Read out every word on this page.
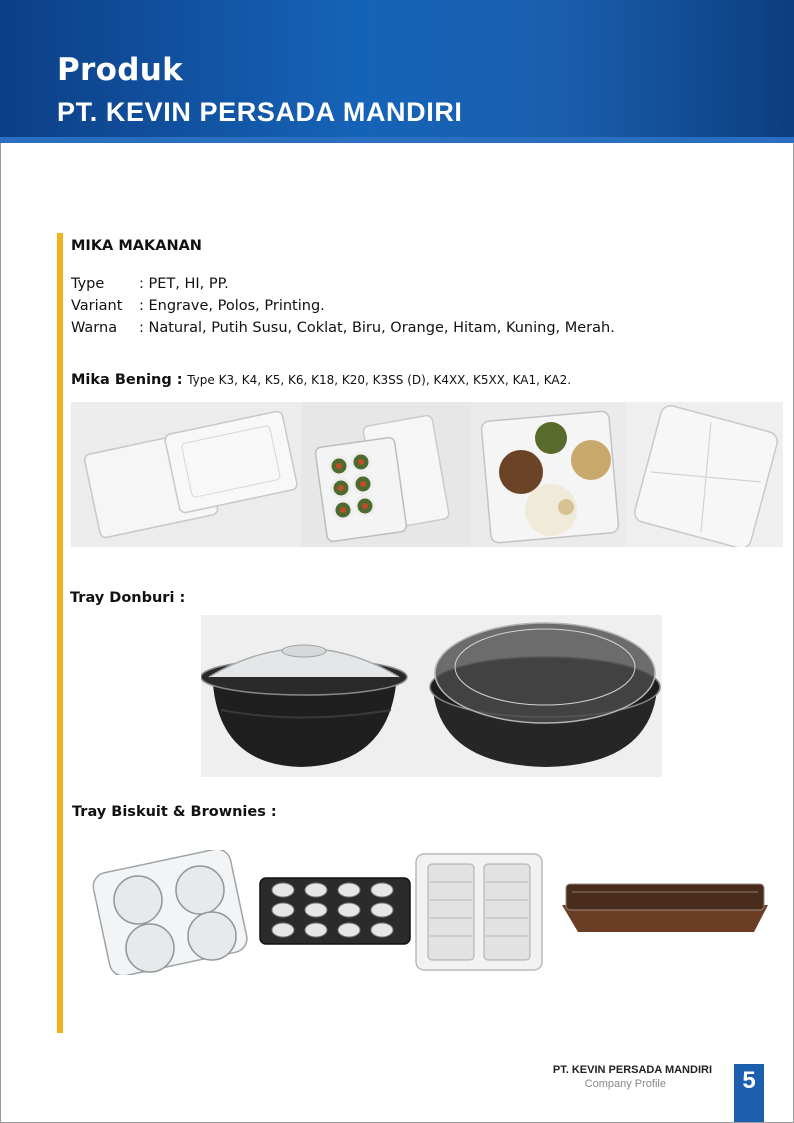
Produk
PT. KEVIN PERSADA MANDIRI
MIKA MAKANAN
Type : PET, HI, PP.
Variant : Engrave, Polos, Printing.
Warna : Natural, Putih Susu, Coklat, Biru, Orange, Hitam, Kuning, Merah.
Mika Bening : Type K3, K4, K5, K6, K18, K20, K3SS (D), K4XX, K5XX, KA1, KA2.
Tray Donburi :
Tray Biskuit & Brownies :
PT. KEVIN PERSADA MANDIRI
Company Profile	5
